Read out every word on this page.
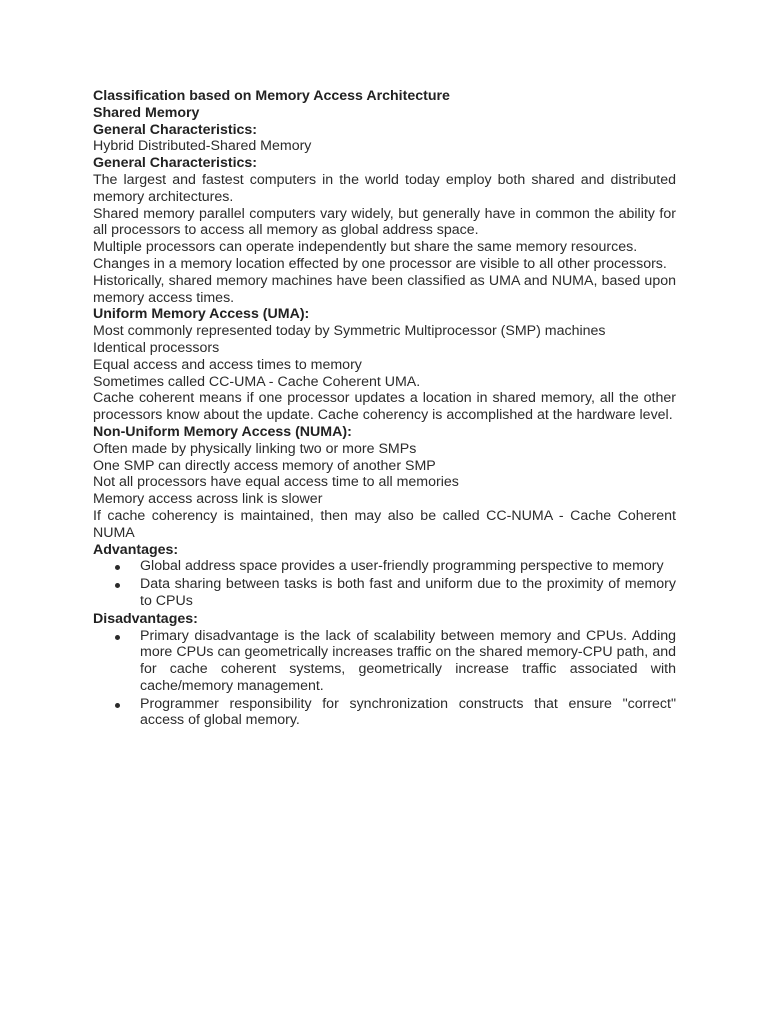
Classification based on Memory Access Architecture

Shared Memory

General Characteristics:

Hybrid Distributed-Shared Memory

General Characteristics:

The largest and fastest computers in the world today employ both shared and distributed memory architectures.

Shared memory parallel computers vary widely, but generally have in common the ability for all processors to access all memory as global address space.

Multiple processors can operate independently but share the same memory resources.

Changes in a memory location effected by one processor are visible to all other processors.

Historically, shared memory machines have been classified as UMA and NUMA, based upon memory access times.

Uniform Memory Access (UMA):

Most commonly represented today by Symmetric Multiprocessor (SMP) machines

Identical processors

Equal access and access times to memory

Sometimes called CC-UMA - Cache Coherent UMA.

Cache coherent means if one processor updates a location in shared memory, all the other processors know about the update. Cache coherency is accomplished at the hardware level.

Non-Uniform Memory Access (NUMA):

Often made by physically linking two or more SMPs

One SMP can directly access memory of another SMP

Not all processors have equal access time to all memories

Memory access across link is slower

If cache coherency is maintained, then may also be called CC-NUMA - Cache Coherent NUMA

Advantages:

Global address space provides a user-friendly programming perspective to memory
Data sharing between tasks is both fast and uniform due to the proximity of memory to CPUs

Disadvantages:

Primary disadvantage is the lack of scalability between memory and CPUs. Adding more CPUs can geometrically increases traffic on the shared memory-CPU path, and for cache coherent systems, geometrically increase traffic associated with cache/memory management.
Programmer responsibility for synchronization constructs that ensure "correct" access of global memory.
